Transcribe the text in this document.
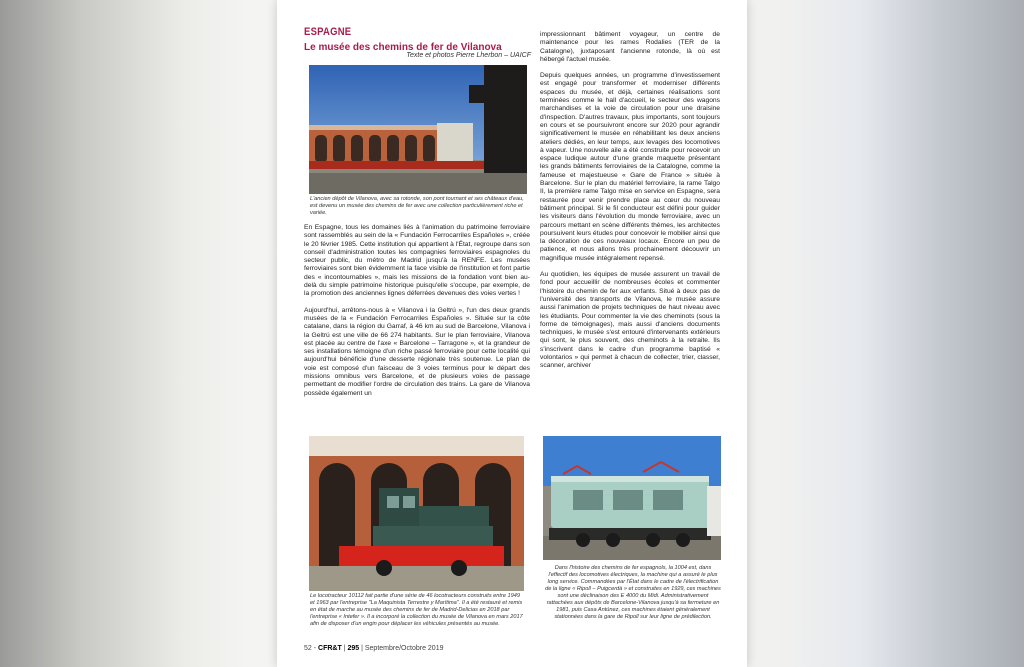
ESPAGNE
Le musée des chemins de fer de Vilanova
Texte et photos Pierre Lherbon – UAICF
L'ancien dépôt de Vilanova, avec sa rotonde, son pont tournant et ses châteaux d'eau, est devenu un musée des chemins de fer avec une collection particulièrement riche et variée.

En Espagne, tous les domaines liés à l'animation du patrimoine ferroviaire sont rassemblés au sein de la « Fundación Ferrocarriles Españoles », créée le 20 février 1985. Cette institution qui appartient à l'État, regroupe dans son conseil d'administration toutes les compagnies ferroviaires espagnoles du secteur public, du métro de Madrid jusqu'à la RENFE. Les musées ferroviaires sont bien évidemment la face visible de l'institution et font partie des « incontournables », mais les missions de la fondation vont bien au-delà du simple patrimoine historique puisqu'elle s'occupe, par exemple, de la promotion des anciennes lignes déferrées devenues des voies vertes !

Aujourd'hui, arrêtons-nous à « Vilanova i la Geltrú », l'un des deux grands musées de la « Fundación Ferrocarriles Españoles ». Située sur la côte catalane, dans la région du Garraf, à 46 km au sud de Barcelone, Vilanova i la Geltrú est une ville de 66 274 habitants. Sur le plan ferroviaire, Vilanova est placée au centre de l'axe « Barcelone – Tarragone », et la grandeur de ses installations témoigne d'un riche passé ferroviaire pour cette localité qui aujourd'hui bénéficie d'une desserte régionale très soutenue. Le plan de voie est composé d'un faisceau de 3 voies terminus pour le départ des missions omnibus vers Barcelone, et de plusieurs voies de passage permettant de modifier l'ordre de circulation des trains. La gare de Vilanova possède également un

impressionnant bâtiment voyageur, un centre de maintenance pour les rames Rodalies (TER de la Catalogne), juxtaposant l'ancienne rotonde, là où est hébergé l'actuel musée.

Depuis quelques années, un programme d'investissement est engagé pour transformer et moderniser différents espaces du musée, et déjà, certaines réalisations sont terminées comme le hall d'accueil, le secteur des wagons marchandises et la voie de circulation pour une draisine d'inspection. D'autres travaux, plus importants, sont toujours en cours et se poursuivront encore sur 2020 pour agrandir significativement le musée en réhabilitant les deux anciens ateliers dédiés, en leur temps, aux levages des locomotives à vapeur. Une nouvelle aile a été construite pour recevoir un espace ludique autour d'une grande maquette présentant les grands bâtiments ferroviaires de la Catalogne, comme la fameuse et majestueuse « Gare de France » située à Barcelone. Sur le plan du matériel ferroviaire, la rame Talgo II, la première rame Talgo mise en service en Espagne, sera restaurée pour venir prendre place au cœur du nouveau bâtiment principal. Si le fil conducteur est défini pour guider les visiteurs dans l'évolution du monde ferroviaire, avec un parcours mettant en scène différents thèmes, les architectes poursuivent leurs études pour concevoir le mobilier ainsi que la décoration de ces nouveaux locaux. Encore un peu de patience, et nous allons très prochainement découvrir un magnifique musée intégralement repensé.

Au quotidien, les équipes de musée assurent un travail de fond pour accueillir de nombreuses écoles et commenter l'histoire du chemin de fer aux enfants. Situé à deux pas de l'université des transports de Vilanova, le musée assure aussi l'animation de projets techniques de haut niveau avec les étudiants. Pour commenter la vie des cheminots (sous la forme de témoignages), mais aussi d'anciens documents techniques, le musée s'est entouré d'intervenants extérieurs qui sont, le plus souvent, des cheminots à la retraite. Ils s'inscrivent dans le cadre d'un programme baptisé « volontarios » qui permet à chacun de collecter, trier, classer, scanner, archiver

Le locotracteur 10112 fait partie d'une série de 46 locotracteurs construits entre 1949 et 1963 par l'entreprise "La Maquinista Terrestre y Marítima". Il a été restauré et remis en état de marche au musée des chemins de fer de Madrid-Delicias en 2018 par l'entreprise « Intefer ». Il a incorporé la collection du musée de Vilanova en mars 2017 afin de disposer d'un engin pour déplacer les véhicules présentés au musée.
Dans l'histoire des chemins de fer espagnols, la 1004 est, dans l'effectif des locomotives électriques, la machine qui a assuré le plus long service. Commandées par l'État dans le cadre de l'électrification de la ligne « Ripoll – Puigcerdà » et construites en 1929, ces machines sont une déclinaison des E 4000 du Midi. Administrativement rattachées aux dépôts de Barcelone-Vilanova jusqu'à sa fermeture en 1981, puis Casa Antúnez, ces machines étaient généralement stationnées dans la gare de Ripoll sur leur ligne de prédilection.
52 - CFR&T | 295 | Septembre/Octobre 2019
